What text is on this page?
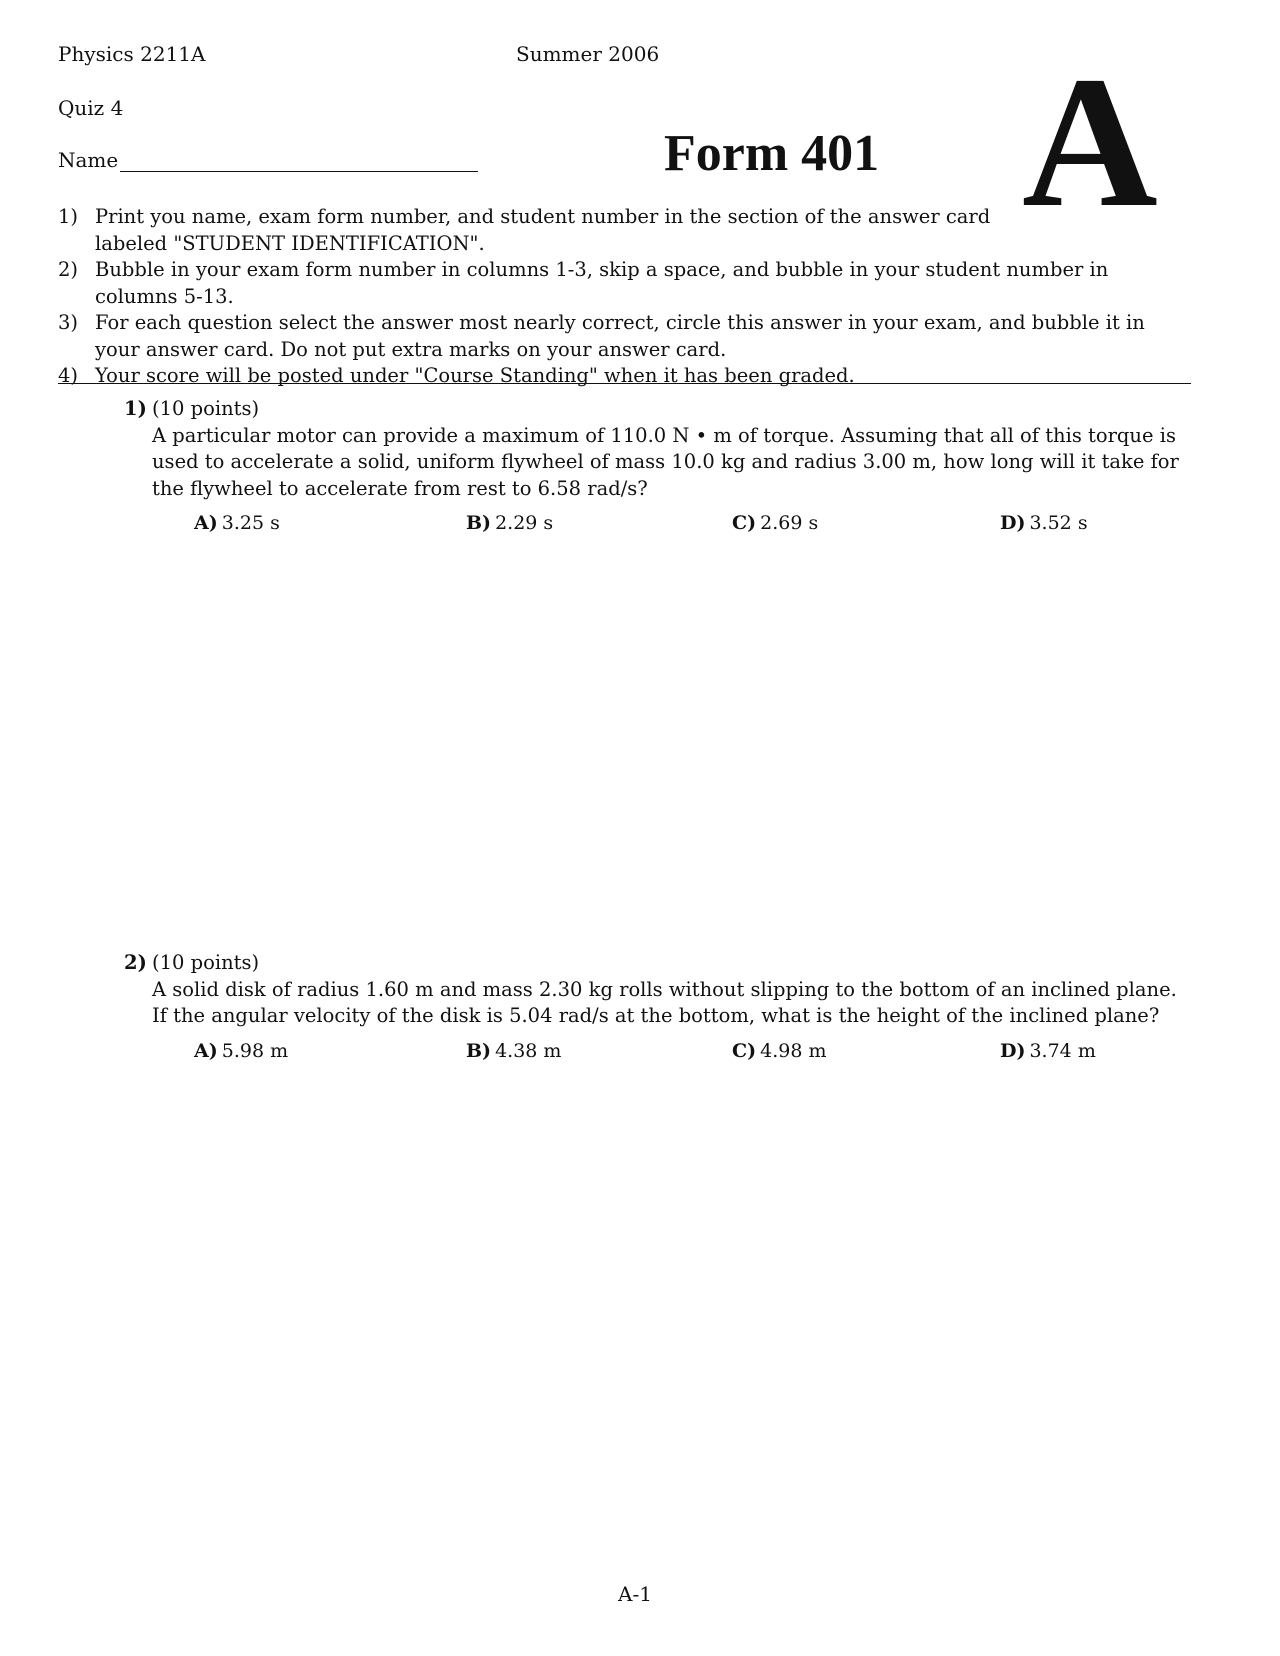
Physics 2211A	Summer 2006
Quiz 4
Name	Form 401 A
1) Print you name, exam form number, and student number in the section of the answer card labeled "STUDENT IDENTIFICATION".
2) Bubble in your exam form number in columns 1-3, skip a space, and bubble in your student number in columns 5-13.
3) For each question select the answer most nearly correct, circle this answer in your exam, and bubble it in your answer card. Do not put extra marks on your answer card.
4) Your score will be posted under "Course Standing" when it has been graded.
1) (10 points)
A particular motor can provide a maximum of 110.0 N • m of torque. Assuming that all of this torque is used to accelerate a solid, uniform flywheel of mass 10.0 kg and radius 3.00 m, how long will it take for the flywheel to accelerate from rest to 6.58 rad/s?
A) 3.25 s	B) 2.29 s	C) 2.69 s	D) 3.52 s
2) (10 points)
A solid disk of radius 1.60 m and mass 2.30 kg rolls without slipping to the bottom of an inclined plane. If the angular velocity of the disk is 5.04 rad/s at the bottom, what is the height of the inclined plane?
A) 5.98 m	B) 4.38 m	C) 4.98 m	D) 3.74 m
A-1
